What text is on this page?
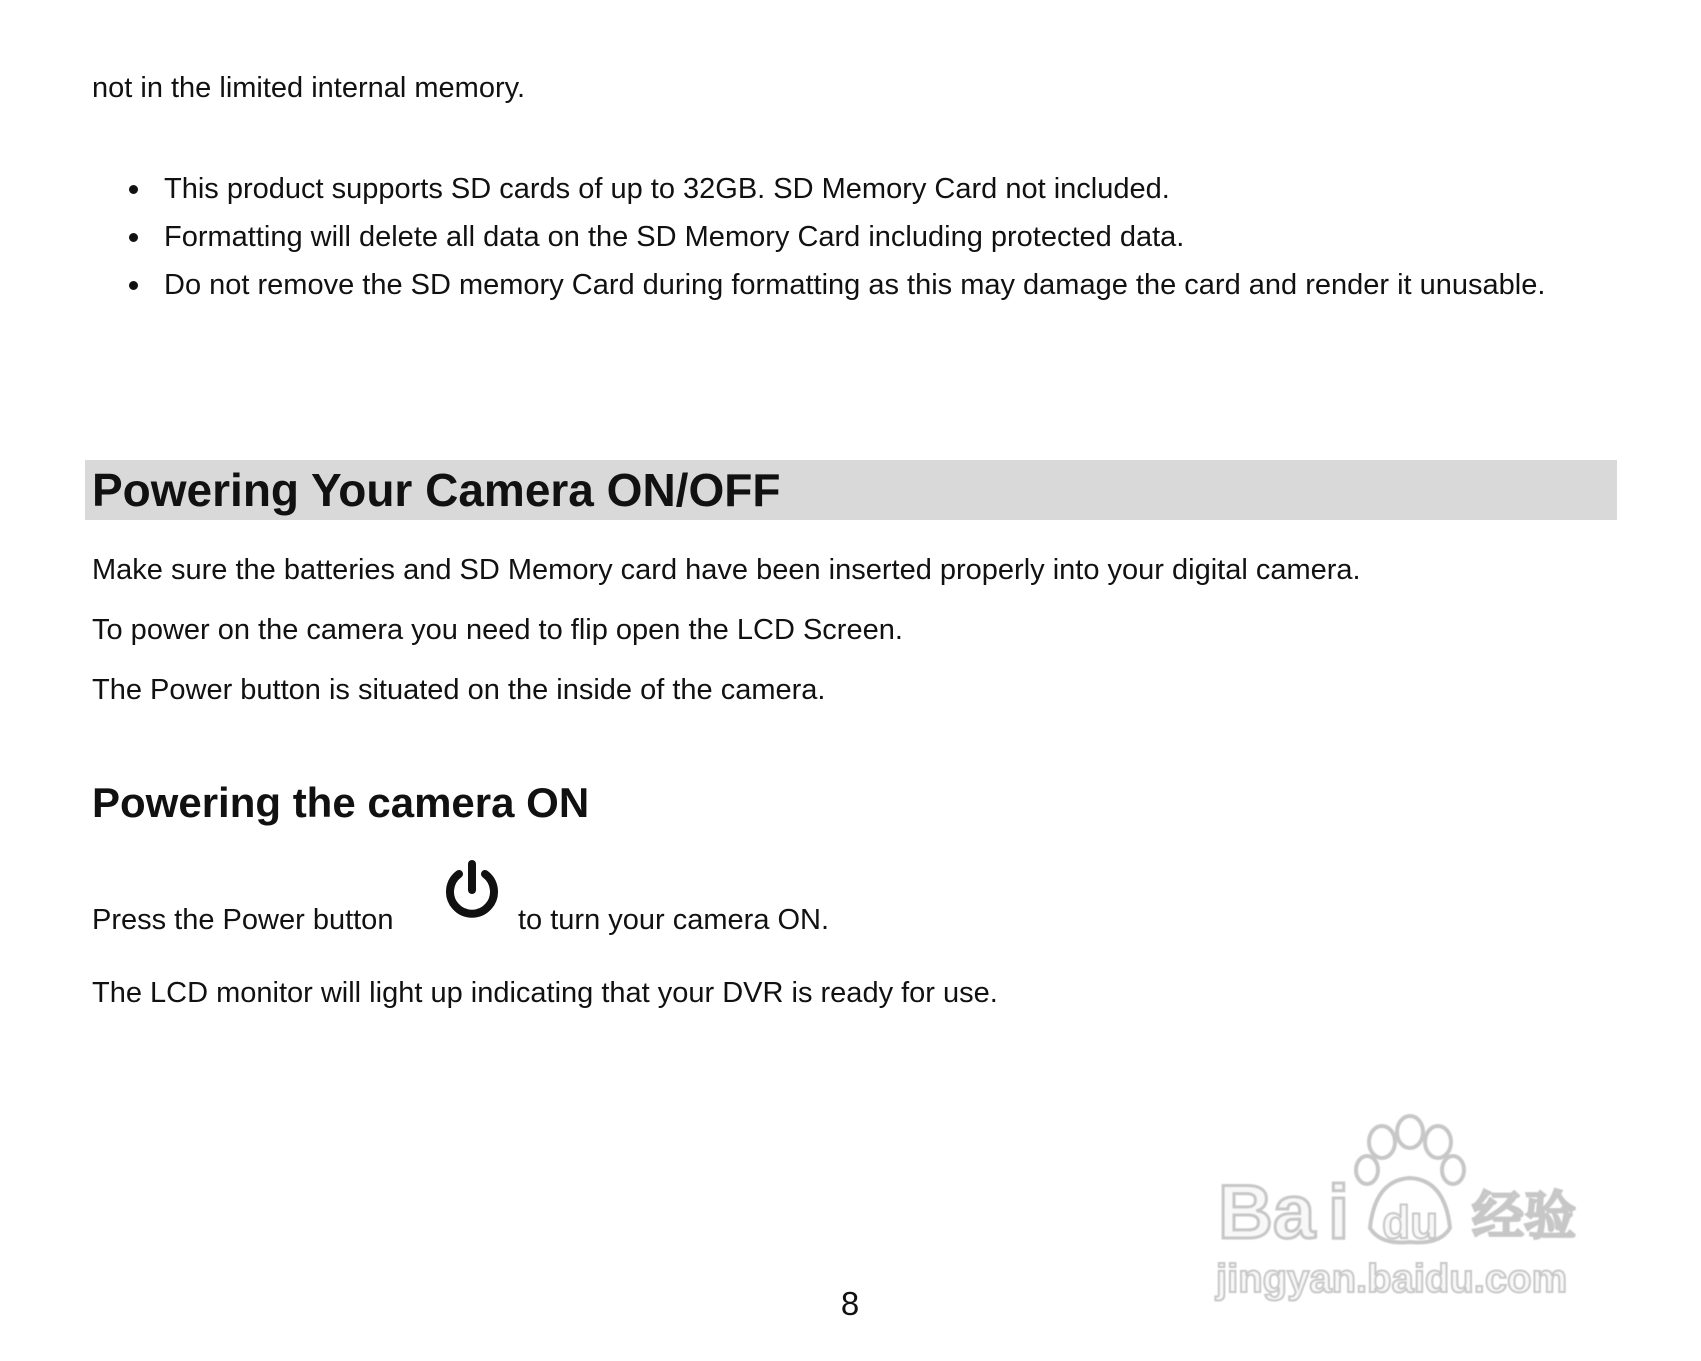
not in the limited internal memory.
This product supports SD cards of up to 32GB. SD Memory Card not included.
Formatting will delete all data on the SD Memory Card including protected data.
Do not remove the SD memory Card during formatting as this may damage the card and render it unusable.
Powering Your Camera ON/OFF
Make sure the batteries and SD Memory card have been inserted properly into your digital camera.
To power on the camera you need to flip open the LCD Screen.
The Power button is situated on the inside of the camera.
Powering the camera ON
Press the Power button	to turn your camera ON.
The LCD monitor will light up indicating that your DVR is ready for use.
8
Ba i du 经验
jingyan.baidu.com
